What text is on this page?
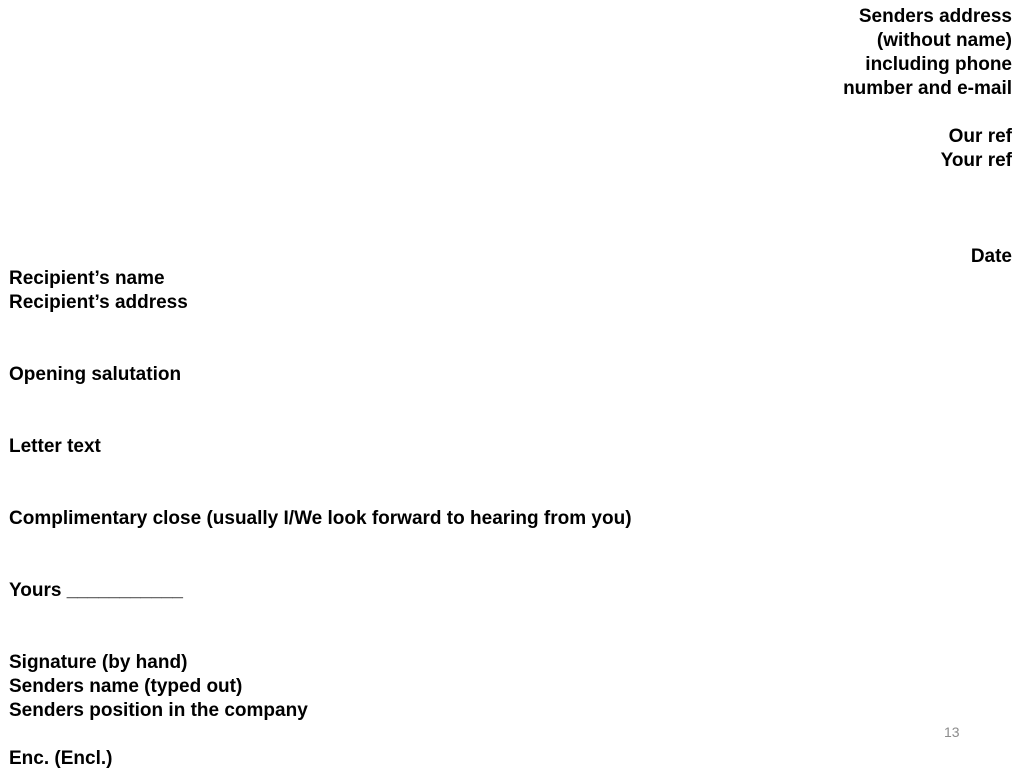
Senders address
(without name)
including phone
number and e-mail
Our ref
Your ref
Date
Recipient’s name
Recipient’s address
Opening salutation
Letter text
Complimentary close (usually I/We look forward to hearing from you)
Yours ___________
Signature (by hand)
Senders name (typed out)
Senders position in the company
Enc. (Encl.)
13
